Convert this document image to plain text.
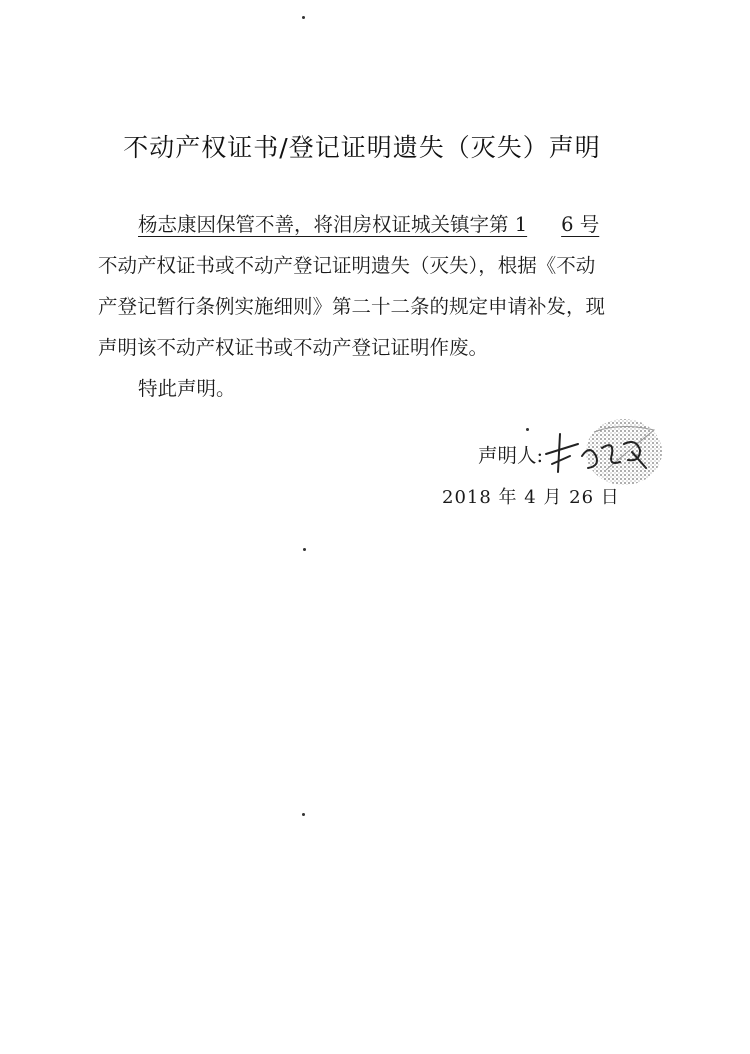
不动产权证书/登记证明遗失（灭失）声明
杨志康因保管不善，将泪房权证城关镇字第 1 6 号
不动产权证书或不动产登记证明遗失（灭失），根据《不动
产登记暂行条例实施细则》第二十二条的规定申请补发，现
声明该不动产权证书或不动产登记证明作废。
特此声明。
声明人:
2018 年 4 月 26 日
